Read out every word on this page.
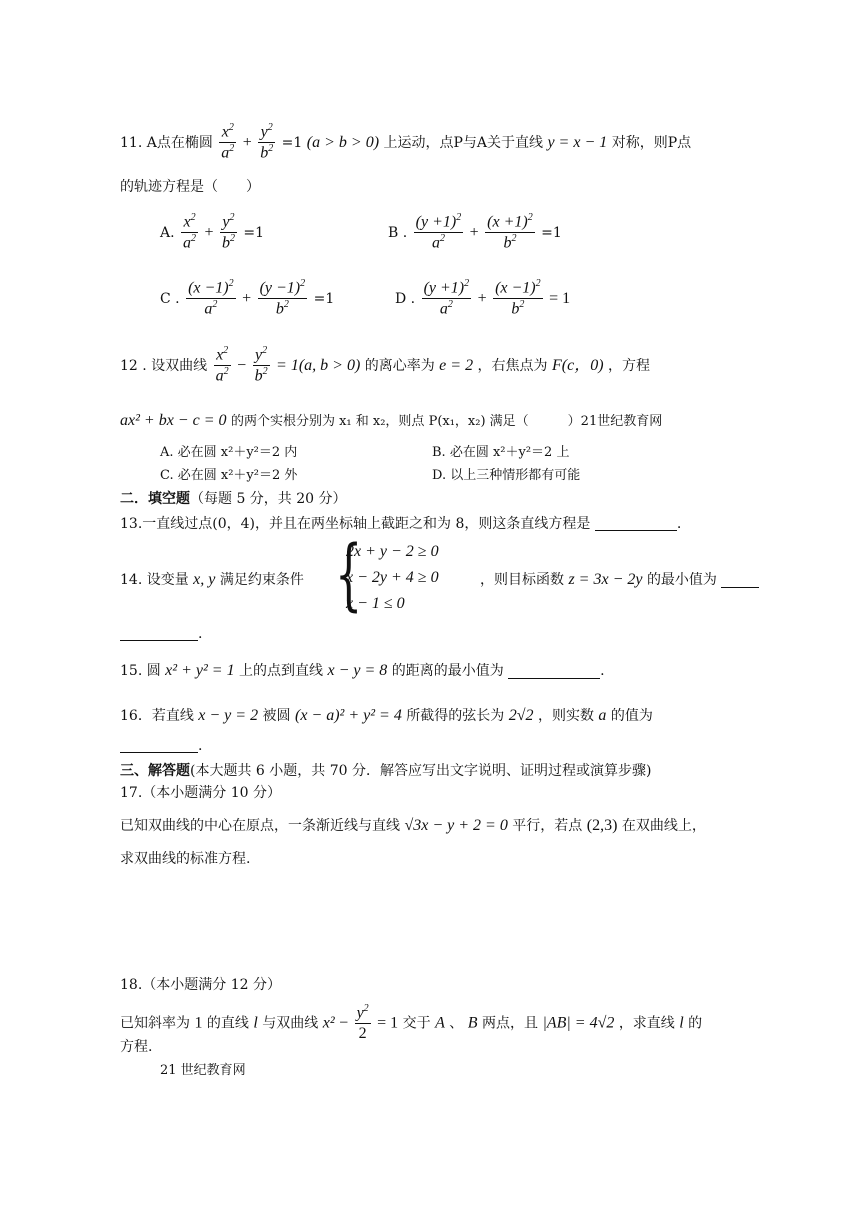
11. A点在椭圆 $\frac{x^2}{a^2} + \frac{y^2}{b^2} =1$ (a > b > 0) 上运动，点P与A关于直线 y = x − 1 对称，则P点
的轨迹方程是（　　）
A. $\frac{x^2}{a^2} + \frac{y^2}{b^2} =1$	B . $\frac{(y +1)^2}{a^2} + \frac{(x +1)^2}{b^2} =1$
C . $\frac{(x -1)^2}{a^2} + \frac{(y -1)^2}{b^2} =1$	D . $\frac{(y +1)^2}{a^2} + \frac{(x -1)^2}{b^2} = 1$
12 . 设双曲线 $\frac{x^2}{a^2} - \frac{y^2}{b^2} = 1(a$, b > 0) 的离心率为 e = 2 ，右焦点为 F(c，0) ，方程
ax² + bx − c = 0 的两个实根分别为 x₁ 和 x₂，则点 P(x₁，x₂) 满足（　　　）21世纪教育网
A. 必在圆 x²＋y²＝2 内	B. 必在圆 x²＋y²＝2 上
C. 必在圆 x²＋y²＝2 外	D. 以上三种情形都有可能
二．填空题（每题 5 分，共 20 分）
13.一直线过点(0，4)，并且在两坐标轴上截距之和为 8，则这条直线方程是	.
14. 设变量 x, y 满足约束条件 {
2x + y − 2 ≥ 0
x − 2y + 4 ≥ 0
x − 1 ≤ 0
，则目标函数 z = 3x − 2y 的最小值为
.
15. 圆 x² + y² = 1 上的点到直线 x − y = 8 的距离的最小值为	.
16．若直线 x − y = 2 被圆 (x − a)² + y² = 4 所截得的弦长为 2√2 ，则实数 a 的值为
.
三、解答题(本大题共 6 小题，共 70 分．解答应写出文字说明、证明过程或演算步骤)
17.（本小题满分 10 分）
已知双曲线的中心在原点，一条渐近线与直线 √3x − y + 2 = 0 平行，若点 (2,3) 在双曲线上，
求双曲线的标准方程.
18.（本小题满分 12 分）
已知斜率为 1 的直线 l 与双曲线 $x^2 - \frac{y^2}{2} = 1$ 交于 A 、 B 两点，且 |AB| = 4√2 ，求直线 l 的
方程.
21 世纪教育网
